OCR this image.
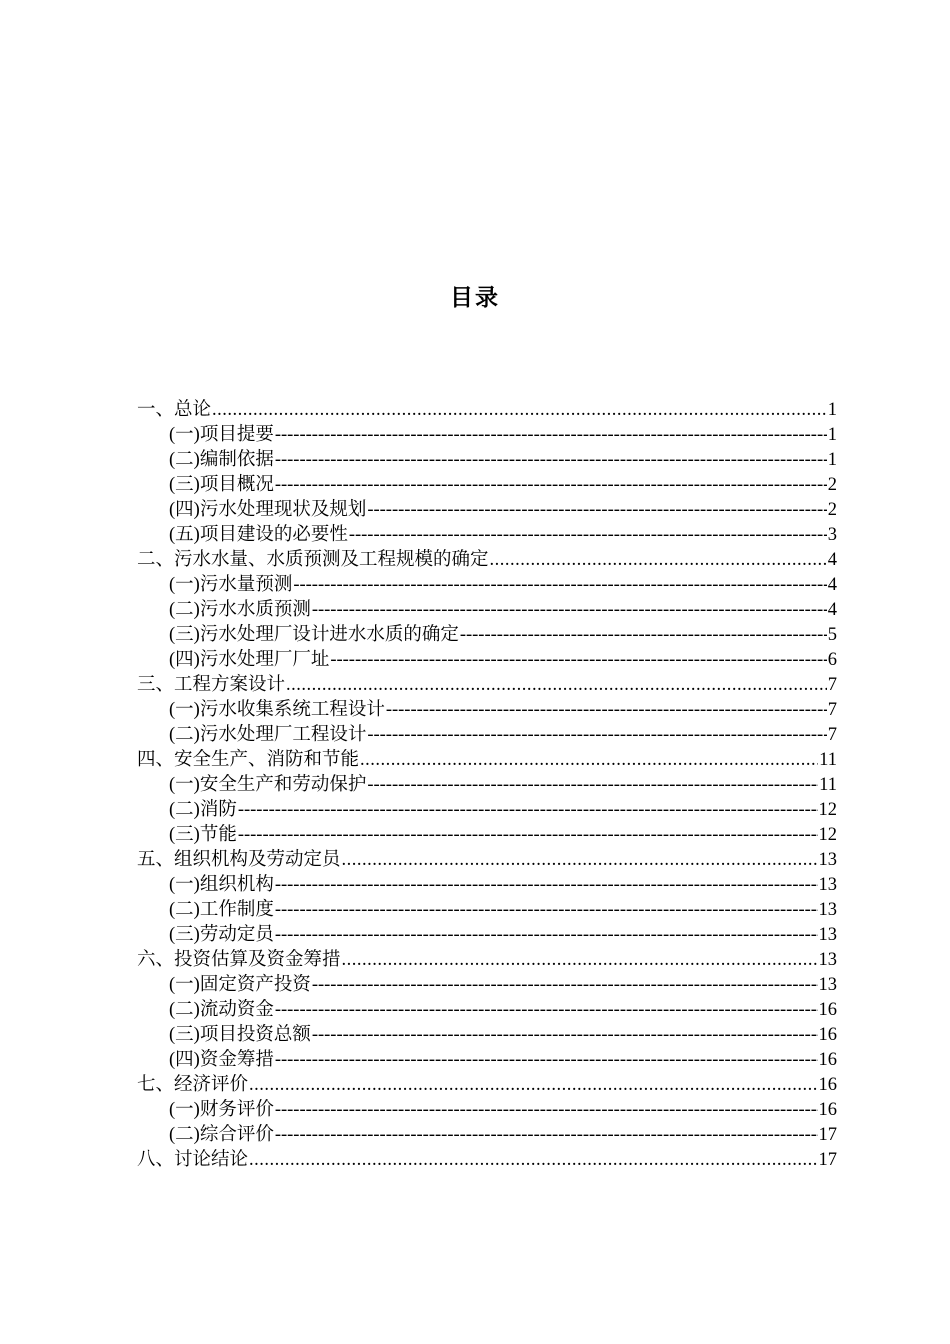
目录
一、总论 .....	1
(一)项目提要 -----	1
(二)编制依据 -----	1
(三)项目概况 -----	2
(四)污水处理现状及规划 -----	2
(五)项目建设的必要性 -----	3
二、污水水量、水质预测及工程规模的确定 .....	4
(一)污水量预测 -----	4
(二)污水水质预测 -----	4
(三)污水处理厂设计进水水质的确定 -----	5
(四)污水处理厂厂址 -----	6
三、工程方案设计 .....	7
(一)污水收集系统工程设计 -----	7
(二)污水处理厂工程设计 -----	7
四、安全生产、消防和节能 .....	11
(一)安全生产和劳动保护 -----	11
(二)消防 -----	12
(三)节能 -----	12
五、组织机构及劳动定员 .....	13
(一)组织机构 -----	13
(二)工作制度 -----	13
(三)劳动定员 -----	13
六、投资估算及资金筹措 .....	13
(一)固定资产投资 -----	13
(二)流动资金 -----	16
(三)项目投资总额 -----	16
(四)资金筹措 -----	16
七、经济评价 .....	16
(一)财务评价 -----	16
(二)综合评价 -----	17
八、讨论结论 .....	17
